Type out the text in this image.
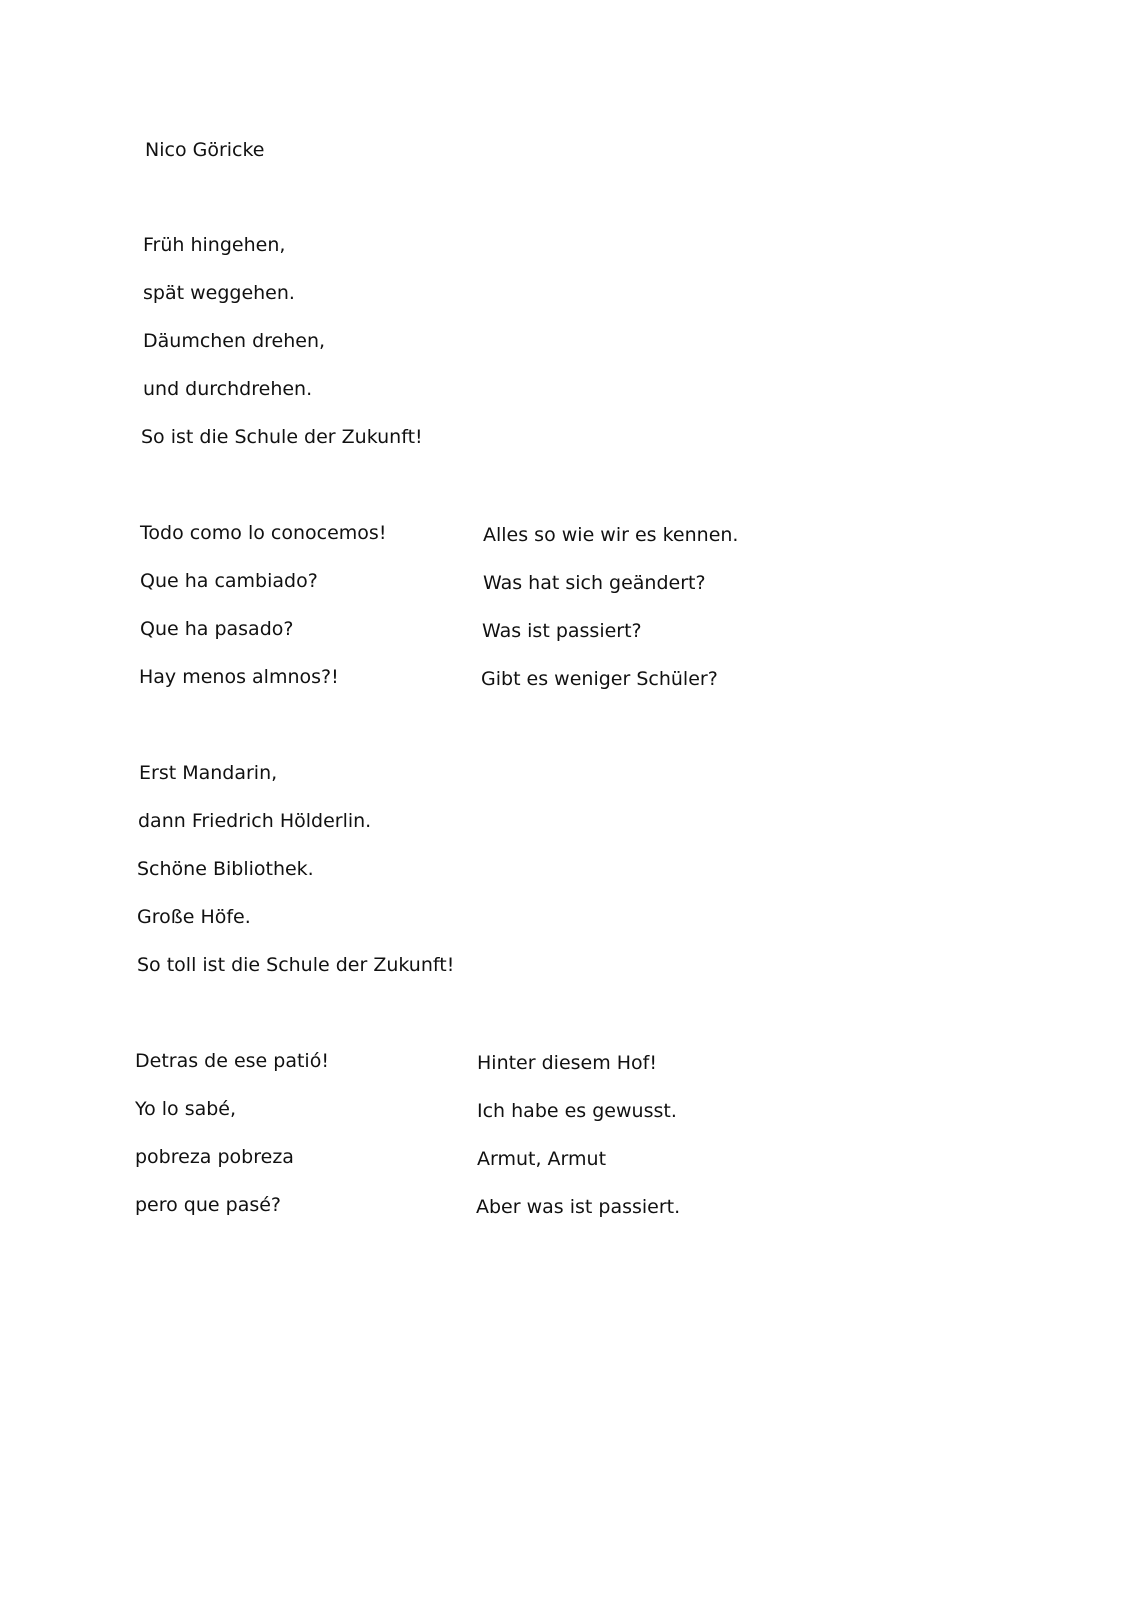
Nico Göricke
Früh hingehen,
spät weggehen.
Däumchen drehen,
und durchdrehen.
So ist die Schule der Zukunft!
Todo como lo conocemos!
Que ha cambiado?
Que ha pasado?
Hay menos almnos?!
Alles so wie wir es kennen.
Was hat sich geändert?
Was ist passiert?
Gibt es weniger Schüler?
Erst Mandarin,
dann Friedrich Hölderlin.
Schöne Bibliothek.
Große Höfe.
So toll ist die Schule der Zukunft!
Detras de ese patió!
Yo lo sabé,
pobreza pobreza
pero que pasé?
Hinter diesem Hof!
Ich habe es gewusst.
Armut, Armut
Aber was ist passiert.
